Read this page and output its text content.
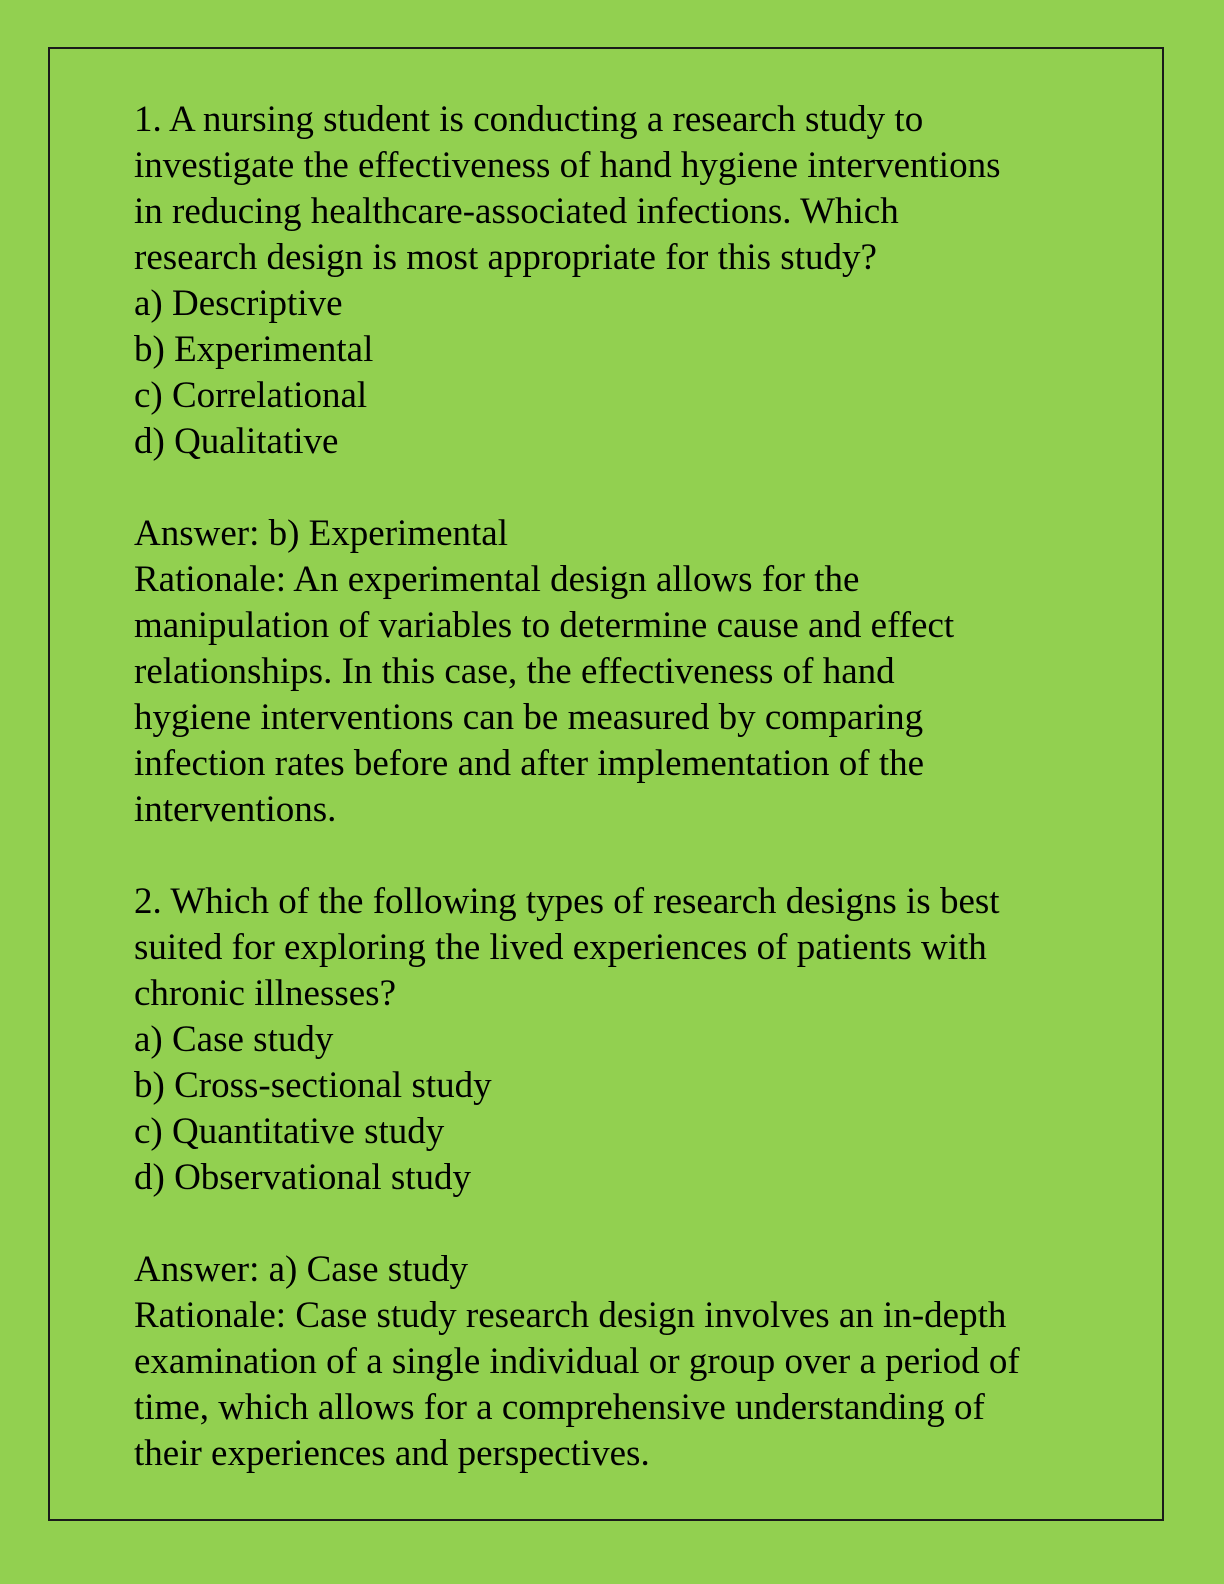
1. A nursing student is conducting a research study to
investigate the effectiveness of hand hygiene interventions
in reducing healthcare-associated infections. Which
research design is most appropriate for this study?
a) Descriptive
b) Experimental
c) Correlational
d) Qualitative
Answer: b) Experimental
Rationale: An experimental design allows for the
manipulation of variables to determine cause and effect
relationships. In this case, the effectiveness of hand
hygiene interventions can be measured by comparing
infection rates before and after implementation of the
interventions.
2. Which of the following types of research designs is best
suited for exploring the lived experiences of patients with
chronic illnesses?
a) Case study
b) Cross-sectional study
c) Quantitative study
d) Observational study
Answer: a) Case study
Rationale: Case study research design involves an in-depth
examination of a single individual or group over a period of
time, which allows for a comprehensive understanding of
their experiences and perspectives.
